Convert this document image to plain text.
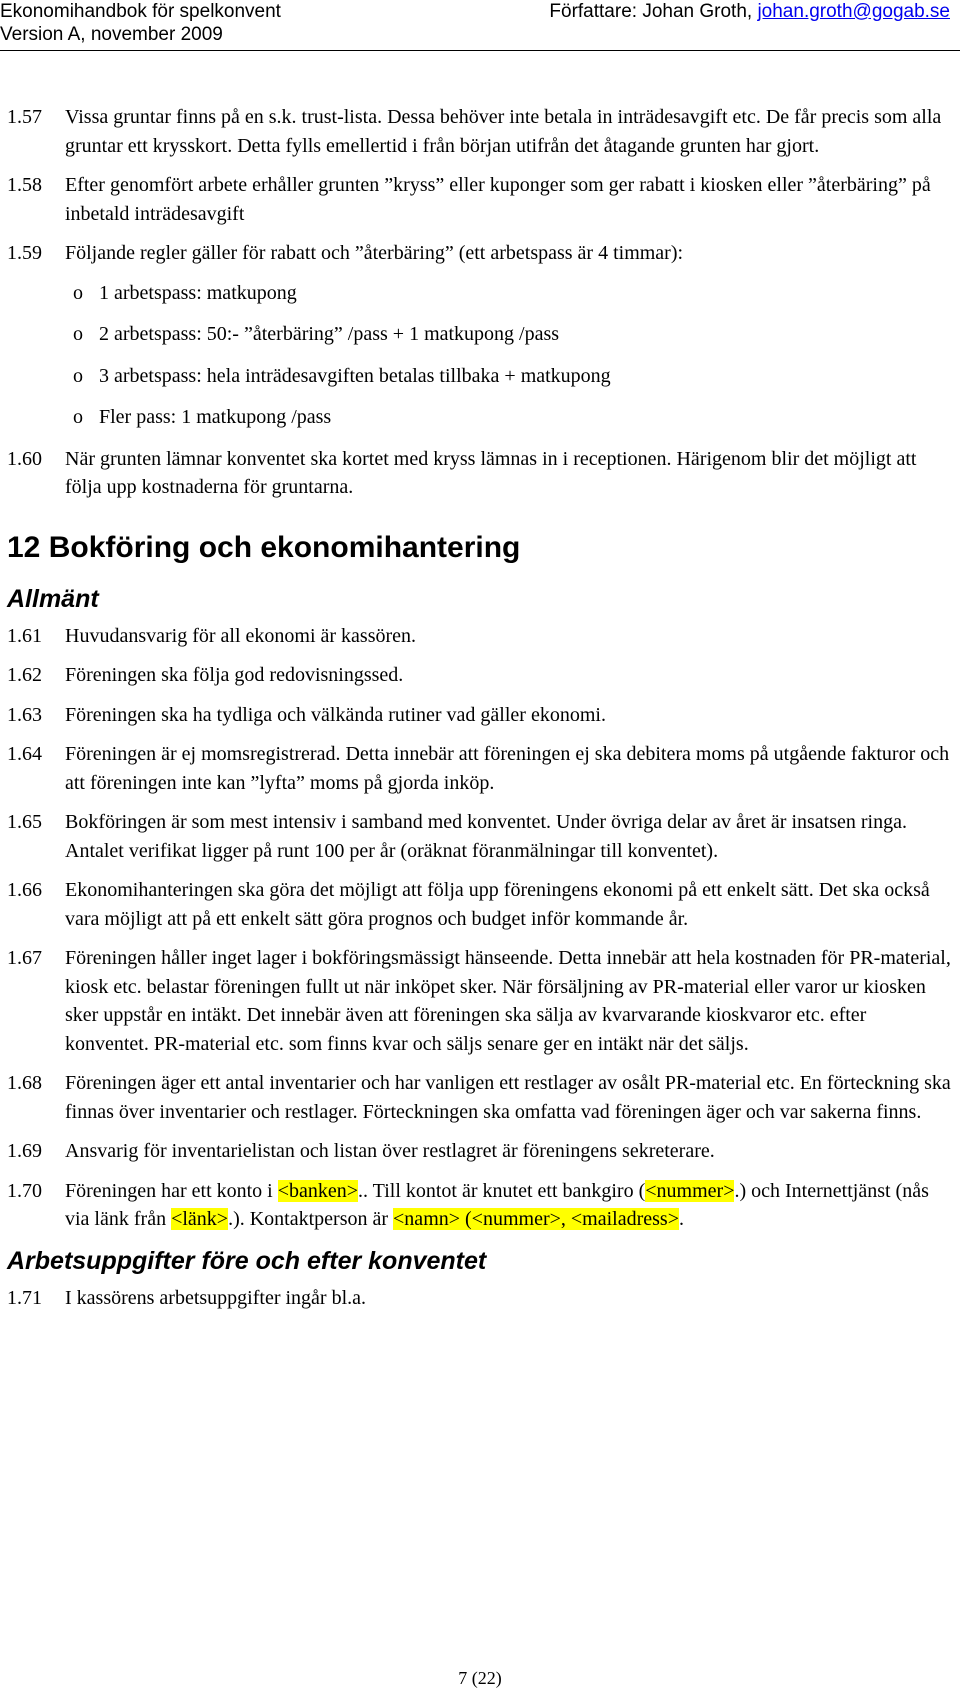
Ekonomihandbok för spelkonvent
Version A, november 2009
Författare: Johan Groth, johan.groth@gogab.se
1.57	Vissa gruntar finns på en s.k. trust-lista. Dessa behöver inte betala in inträdesavgift etc. De får precis som alla gruntar ett krysskort. Detta fylls emellertid i från början utifrån det åtagande grunten har gjort.
1.58	Efter genomfört arbete erhåller grunten ”kryss” eller kuponger som ger rabatt i kiosken eller ”återbäring” på inbetald inträdesavgift
1.59	Följande regler gäller för rabatt och ”återbäring” (ett arbetspass är 4 timmar):
o 1 arbetspass: matkupong
o 2 arbetspass: 50:- ”återbäring” /pass + 1 matkupong /pass
o 3 arbetspass: hela inträdesavgiften betalas tillbaka + matkupong
o Fler pass: 1 matkupong /pass
1.60	När grunten lämnar konventet ska kortet med kryss lämnas in i receptionen. Härigenom blir det möjligt att följa upp kostnaderna för gruntarna.
12 Bokföring och ekonomihantering
Allmänt
1.61	Huvudansvarig för all ekonomi är kassören.
1.62	Föreningen ska följa god redovisningssed.
1.63	Föreningen ska ha tydliga och välkända rutiner vad gäller ekonomi.
1.64	Föreningen är ej momsregistrerad. Detta innebär att föreningen ej ska debitera moms på utgående fakturor och att föreningen inte kan ”lyfta” moms på gjorda inköp.
1.65	Bokföringen är som mest intensiv i samband med konventet. Under övriga delar av året är insatsen ringa. Antalet verifikat ligger på runt 100 per år (oräknat föranmälningar till konventet).
1.66	Ekonomihanteringen ska göra det möjligt att följa upp föreningens ekonomi på ett enkelt sätt. Det ska också vara möjligt att på ett enkelt sätt göra prognos och budget inför kommande år.
1.67	Föreningen håller inget lager i bokföringsmässigt hänseende. Detta innebär att hela kostnaden för PR-material, kiosk etc. belastar föreningen fullt ut när inköpet sker. När försäljning av PR-material eller varor ur kiosken sker uppstår en intäkt. Det innebär även att föreningen ska sälja av kvarvarande kioskvaror etc. efter konventet. PR-material etc. som finns kvar och säljs senare ger en intäkt när det säljs.
1.68	Föreningen äger ett antal inventarier och har vanligen ett restlager av osålt PR-material etc. En förteckning ska finnas över inventarier och restlager. Förteckningen ska omfatta vad föreningen äger och var sakerna finns.
1.69	Ansvarig för inventarielistan och listan över restlagret är föreningens sekreterare.
1.70	Föreningen har ett konto i <banken>.. Till kontot är knutet ett bankgiro (<nummer>.) och Internettjänst (nås via länk från <länk>.). Kontaktperson är <namn> (<nummer>, <mailadress>.
Arbetsuppgifter före och efter konventet
1.71	I kassörens arbetsuppgifter ingår bl.a.
7 (22)
